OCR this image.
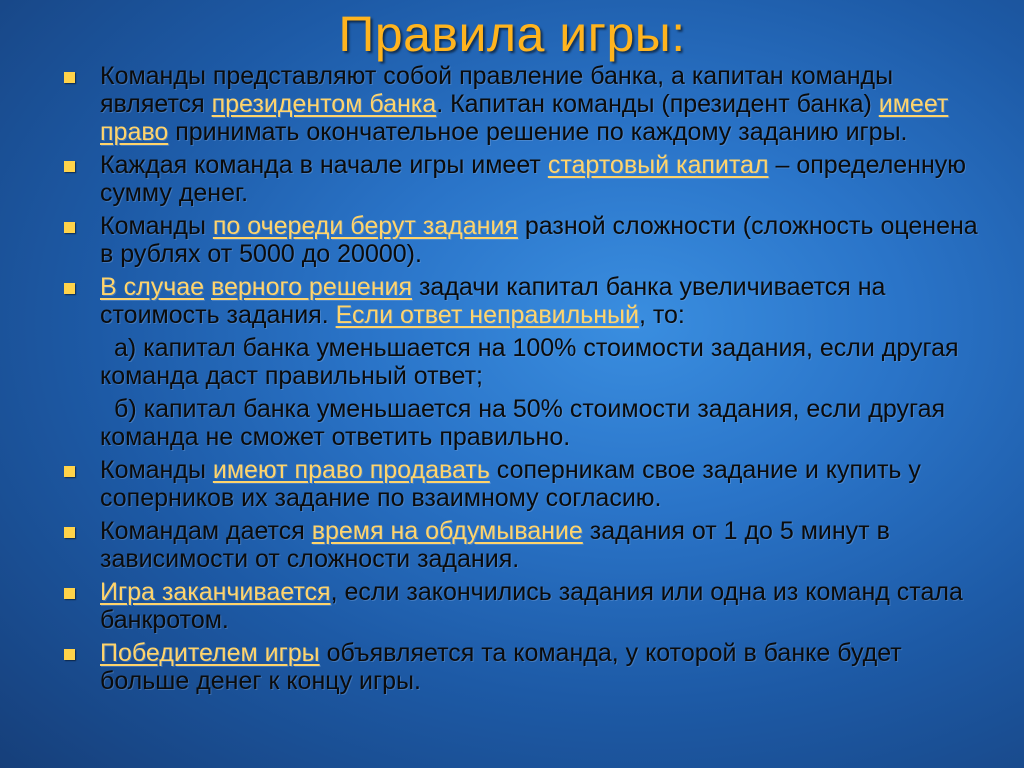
Правила игры:
Команды представляют собой правление банка, а капитан команды является президентом банка. Капитан команды (президент банка) имеет право принимать окончательное решение по каждому заданию игры.
Каждая команда в начале игры имеет стартовый капитал – определенную сумму денег.
Команды по очереди берут задания разной сложности (сложность оценена в рублях от 5000 до 20000).
В случае верного решения задачи капитал банка увеличивается на стоимость задания. Если ответ неправильный, то:
а) капитал банка уменьшается на 100% стоимости задания, если другая команда даст правильный ответ;
б) капитал банка уменьшается на 50% стоимости задания, если другая команда не сможет ответить правильно.
Команды имеют право продавать соперникам свое задание и купить у соперников их задание по взаимному согласию.
Командам дается время на обдумывание задания от 1 до 5 минут в зависимости от сложности задания.
Игра заканчивается, если закончились задания или одна из команд стала банкротом.
Победителем игры объявляется та команда, у которой в банке будет больше денег к концу игры.
